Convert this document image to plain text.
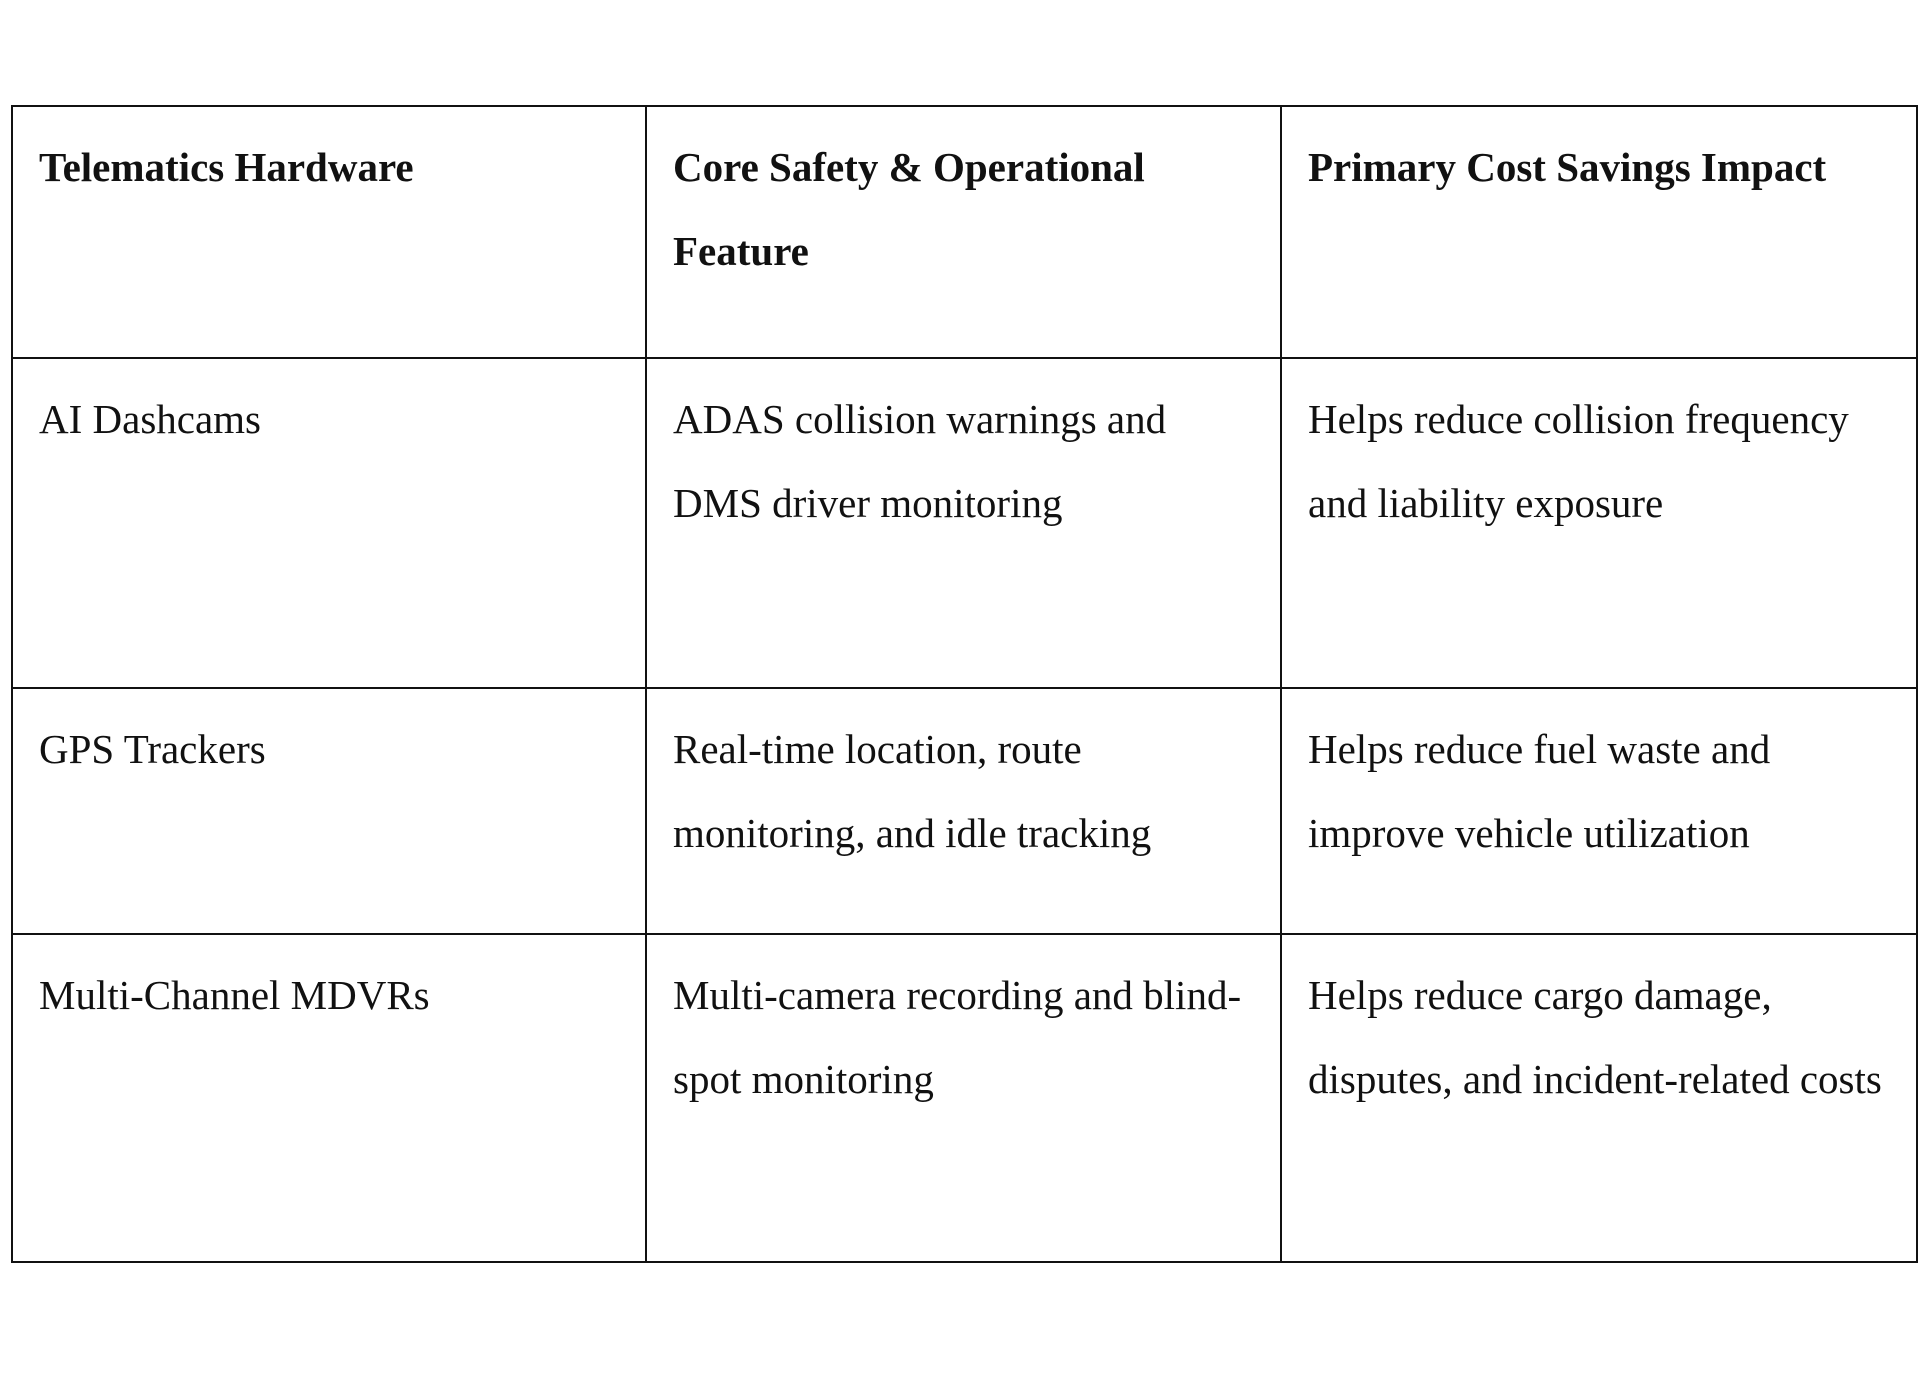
Telematics Hardware	Core Safety & Operational Feature	Primary Cost Savings Impact
AI Dashcams	ADAS collision warnings and DMS driver monitoring	Helps reduce collision frequency and liability exposure
GPS Trackers	Real-time location, route monitoring, and idle tracking	Helps reduce fuel waste and improve vehicle utilization
Multi-Channel MDVRs	Multi-camera recording and blind-spot monitoring	Helps reduce cargo damage, disputes, and incident-related costs
